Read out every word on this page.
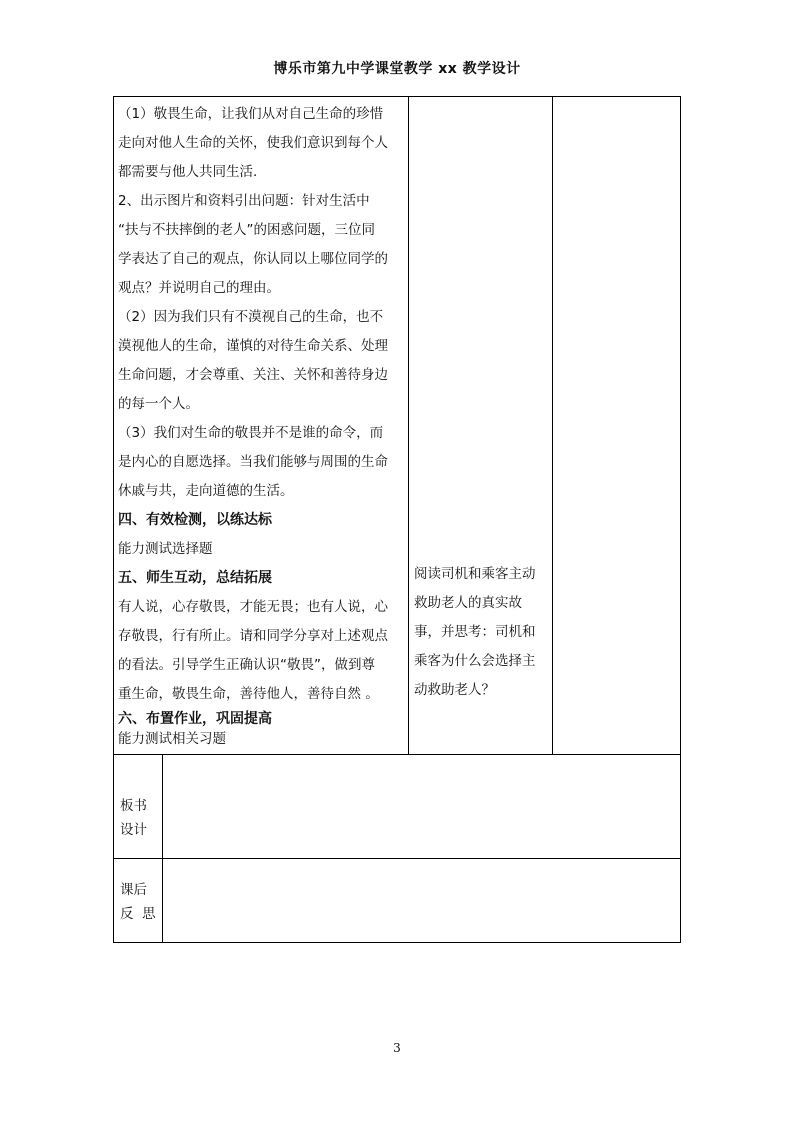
博乐市第九中学课堂教学 xx 教学设计

（1）敬畏生命，让我们从对自己生命的珍惜

走向对他人生命的关怀，使我们意识到每个人

都需要与他人共同生活.

2、出示图片和资料引出问题：针对生活中

“扶与不扶摔倒的老人”的困惑问题，三位同

学表达了自己的观点，你认同以上哪位同学的

观点？并说明自己的理由。

（2）因为我们只有不漠视自己的生命，也不

漠视他人的生命，谨慎的对待生命关系、处理

生命问题，才会尊重、关注、关怀和善待身边

的每一个人。

（3）我们对生命的敬畏并不是谁的命令，而

是内心的自愿选择。当我们能够与周围的生命

休戚与共，走向道德的生活。

四、有效检测，以练达标

能力测试选择题

五、师生互动，总结拓展

有人说，心存敬畏，才能无畏；也有人说，心

存敬畏，行有所止。请和同学分享对上述观点

的看法。引导学生正确认识“敬畏”，做到尊

重生命，敬畏生命，善待他人，善待自然 。

六、布置作业，巩固提高

能力测试相关习题

阅读司机和乘客主动
救助老人的真实故
事，并思考：司机和
乘客为什么会选择主
动救助老人？
板书
设计
课后
反  思
3
